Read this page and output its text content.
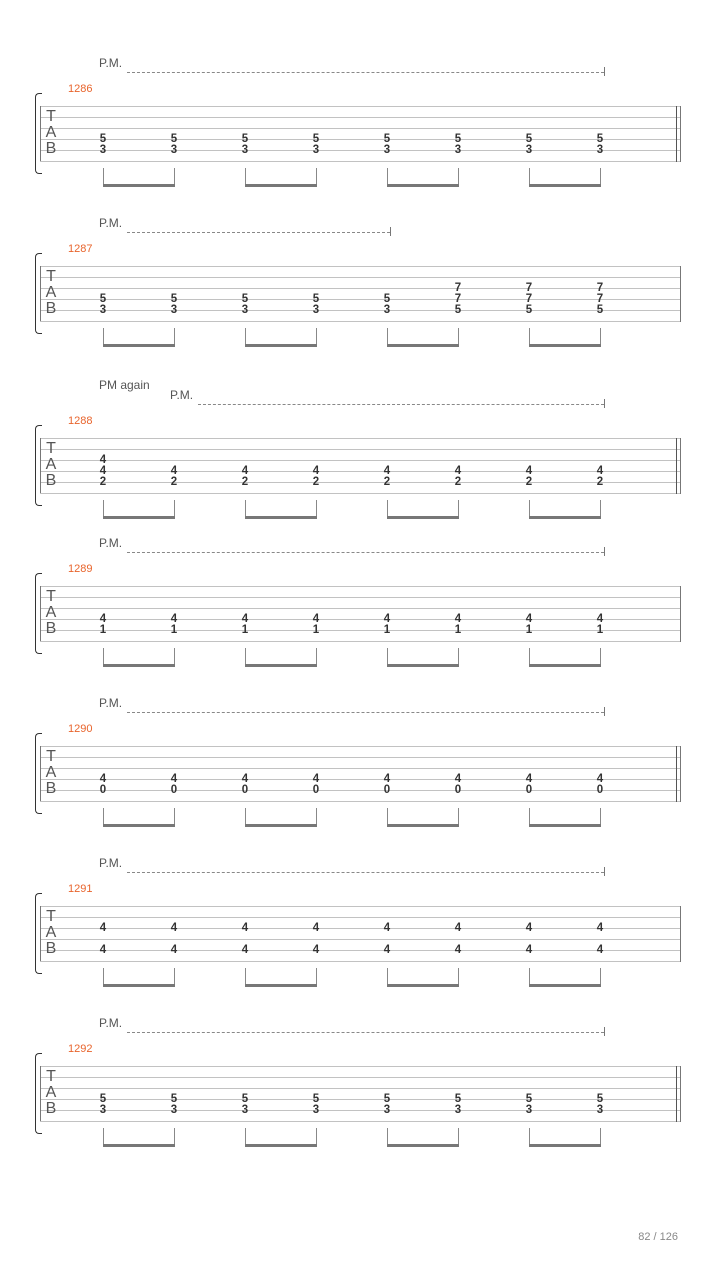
P.M.
1286
T
A
B
5
3
5
3
5
3
5
3
5
3
5
3
5
3
5
3
P.M.
1287
T
A
B
5
3
5
3
5
3
5
3
5
3
7
7
5
7
7
5
7
7
5
PM again
P.M.
1288
T
A
B
4
4
2
4
2
4
2
4
2
4
2
4
2
4
2
4
2
P.M.
1289
T
A
B
4
1
4
1
4
1
4
1
4
1
4
1
4
1
4
1
P.M.
1290
T
A
B
4
0
4
0
4
0
4
0
4
0
4
0
4
0
4
0
P.M.
1291
T
A
B
4
4
4
4
4
4
4
4
4
4
4
4
4
4
4
4
P.M.
1292
T
A
B
5
3
5
3
5
3
5
3
5
3
5
3
5
3
5
3
82 / 126
